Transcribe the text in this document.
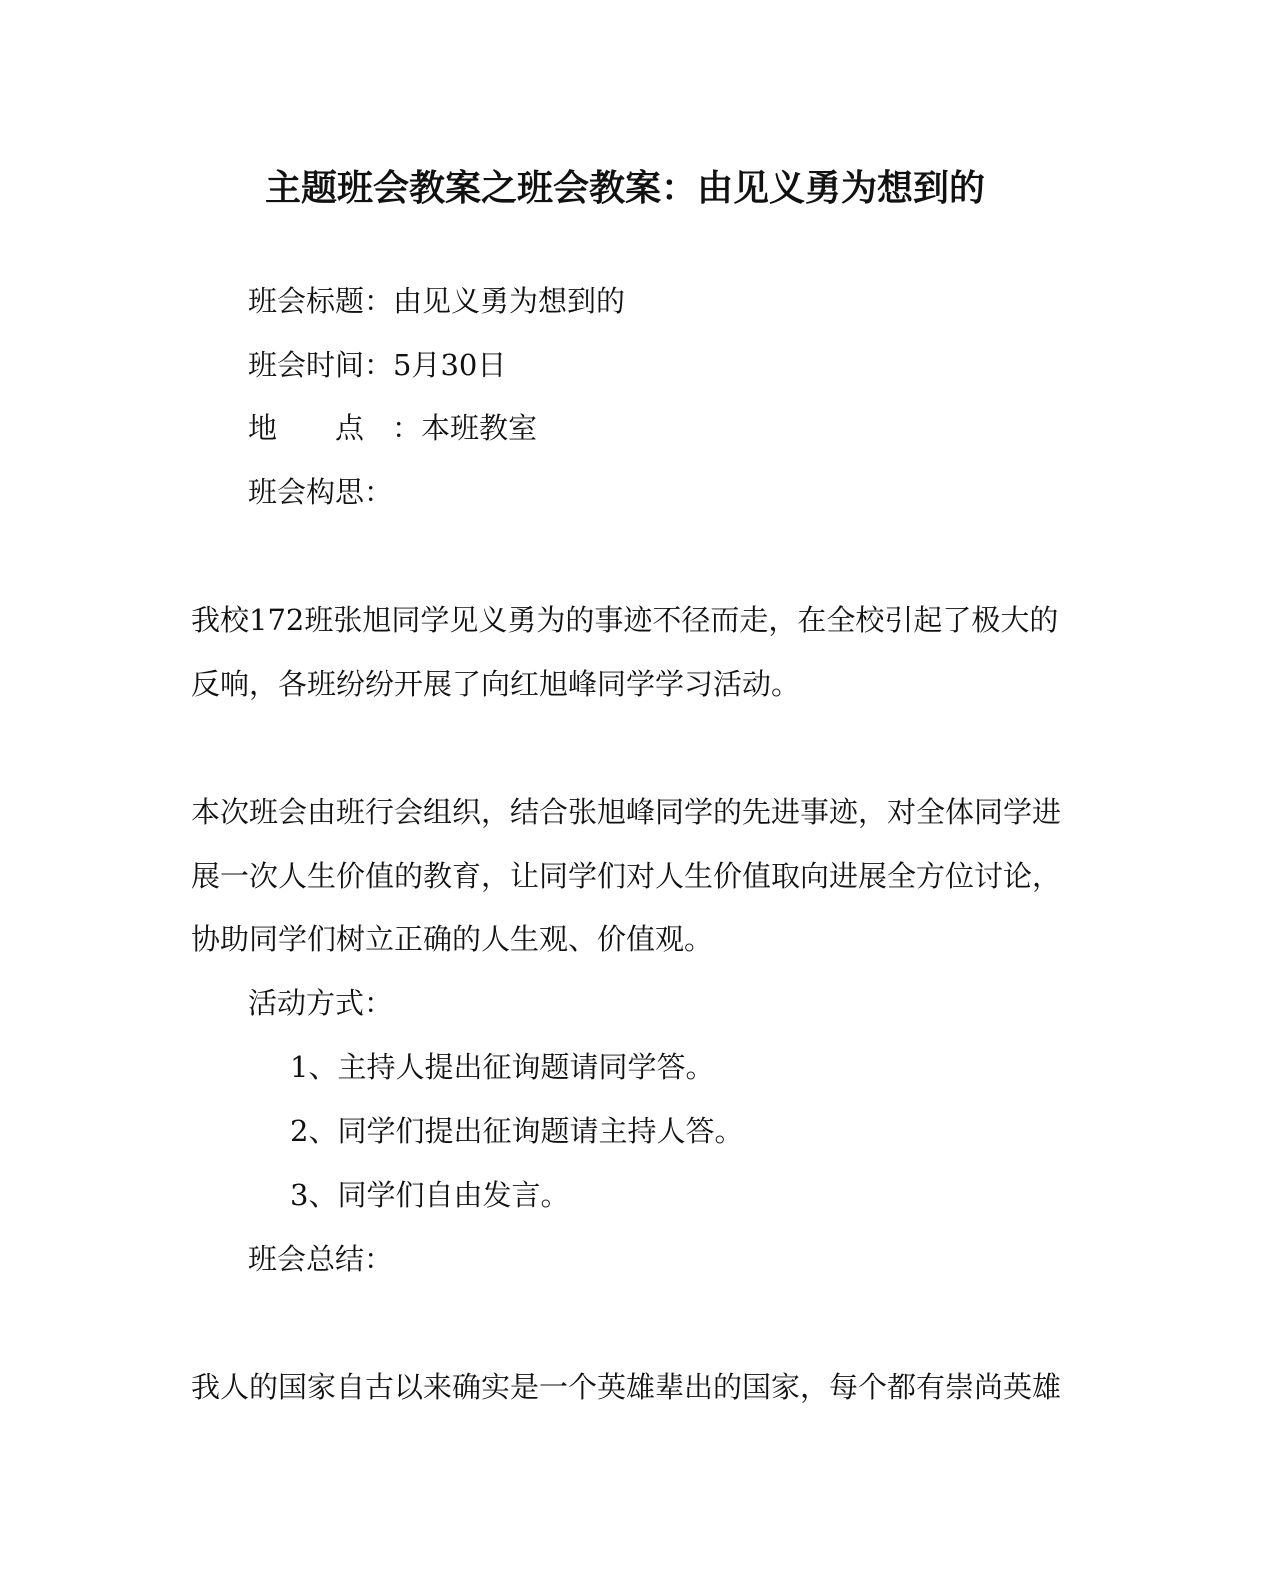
主题班会教案之班会教案：由见义勇为想到的
班会标题：由见义勇为想到的
班会时间：5月30日
地　　点 ：本班教室
班会构思：
我校172班张旭同学见义勇为的事迹不径而走，在全校引起了极大的
反响，各班纷纷开展了向红旭峰同学学习活动。
本次班会由班行会组织，结合张旭峰同学的先进事迹，对全体同学进
展一次人生价值的教育，让同学们对人生价值取向进展全方位讨论，
协助同学们树立正确的人生观、价值观。
活动方式：
1、主持人提出征询题请同学答。
2、同学们提出征询题请主持人答。
3、同学们自由发言。
班会总结：
我人的国家自古以来确实是一个英雄辈出的国家，每个都有崇尚英雄
